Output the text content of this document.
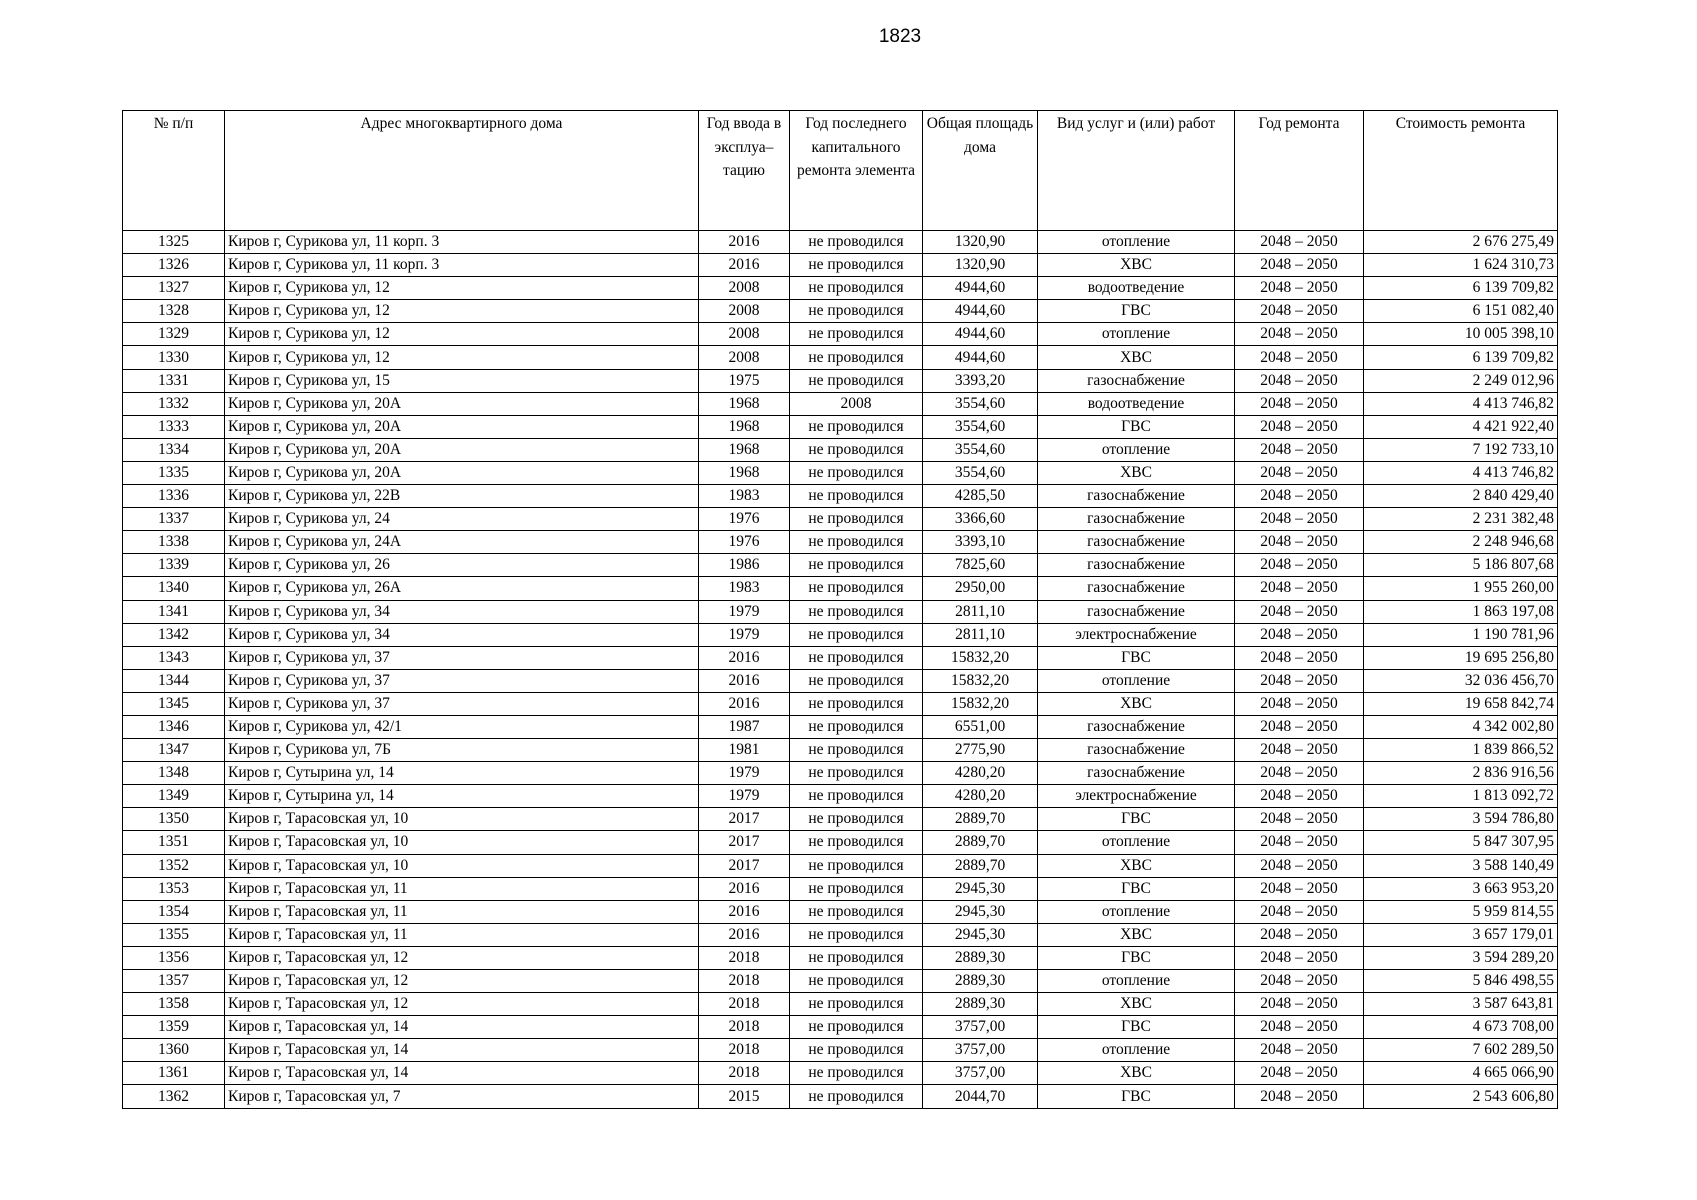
1823
№ п/п	Адрес многоквартирного дома	Год ввода в эксплуа–тацию	Год последнего капитального ремонта элемента	Общая площадь дома	Вид услуг и (или) работ	Год ремонта	Стоимость ремонта
1325	Киров г, Сурикова ул, 11 корп. 3	2016	не проводился	1320,90	отопление	2048 – 2050	2 676 275,49
1326	Киров г, Сурикова ул, 11 корп. 3	2016	не проводился	1320,90	ХВС	2048 – 2050	1 624 310,73
1327	Киров г, Сурикова ул, 12	2008	не проводился	4944,60	водоотведение	2048 – 2050	6 139 709,82
1328	Киров г, Сурикова ул, 12	2008	не проводился	4944,60	ГВС	2048 – 2050	6 151 082,40
1329	Киров г, Сурикова ул, 12	2008	не проводился	4944,60	отопление	2048 – 2050	10 005 398,10
1330	Киров г, Сурикова ул, 12	2008	не проводился	4944,60	ХВС	2048 – 2050	6 139 709,82
1331	Киров г, Сурикова ул, 15	1975	не проводился	3393,20	газоснабжение	2048 – 2050	2 249 012,96
1332	Киров г, Сурикова ул, 20А	1968	2008	3554,60	водоотведение	2048 – 2050	4 413 746,82
1333	Киров г, Сурикова ул, 20А	1968	не проводился	3554,60	ГВС	2048 – 2050	4 421 922,40
1334	Киров г, Сурикова ул, 20А	1968	не проводился	3554,60	отопление	2048 – 2050	7 192 733,10
1335	Киров г, Сурикова ул, 20А	1968	не проводился	3554,60	ХВС	2048 – 2050	4 413 746,82
1336	Киров г, Сурикова ул, 22В	1983	не проводился	4285,50	газоснабжение	2048 – 2050	2 840 429,40
1337	Киров г, Сурикова ул, 24	1976	не проводился	3366,60	газоснабжение	2048 – 2050	2 231 382,48
1338	Киров г, Сурикова ул, 24А	1976	не проводился	3393,10	газоснабжение	2048 – 2050	2 248 946,68
1339	Киров г, Сурикова ул, 26	1986	не проводился	7825,60	газоснабжение	2048 – 2050	5 186 807,68
1340	Киров г, Сурикова ул, 26А	1983	не проводился	2950,00	газоснабжение	2048 – 2050	1 955 260,00
1341	Киров г, Сурикова ул, 34	1979	не проводился	2811,10	газоснабжение	2048 – 2050	1 863 197,08
1342	Киров г, Сурикова ул, 34	1979	не проводился	2811,10	электроснабжение	2048 – 2050	1 190 781,96
1343	Киров г, Сурикова ул, 37	2016	не проводился	15832,20	ГВС	2048 – 2050	19 695 256,80
1344	Киров г, Сурикова ул, 37	2016	не проводился	15832,20	отопление	2048 – 2050	32 036 456,70
1345	Киров г, Сурикова ул, 37	2016	не проводился	15832,20	ХВС	2048 – 2050	19 658 842,74
1346	Киров г, Сурикова ул, 42/1	1987	не проводился	6551,00	газоснабжение	2048 – 2050	4 342 002,80
1347	Киров г, Сурикова ул, 7Б	1981	не проводился	2775,90	газоснабжение	2048 – 2050	1 839 866,52
1348	Киров г, Сутырина ул, 14	1979	не проводился	4280,20	газоснабжение	2048 – 2050	2 836 916,56
1349	Киров г, Сутырина ул, 14	1979	не проводился	4280,20	электроснабжение	2048 – 2050	1 813 092,72
1350	Киров г, Тарасовская ул, 10	2017	не проводился	2889,70	ГВС	2048 – 2050	3 594 786,80
1351	Киров г, Тарасовская ул, 10	2017	не проводился	2889,70	отопление	2048 – 2050	5 847 307,95
1352	Киров г, Тарасовская ул, 10	2017	не проводился	2889,70	ХВС	2048 – 2050	3 588 140,49
1353	Киров г, Тарасовская ул, 11	2016	не проводился	2945,30	ГВС	2048 – 2050	3 663 953,20
1354	Киров г, Тарасовская ул, 11	2016	не проводился	2945,30	отопление	2048 – 2050	5 959 814,55
1355	Киров г, Тарасовская ул, 11	2016	не проводился	2945,30	ХВС	2048 – 2050	3 657 179,01
1356	Киров г, Тарасовская ул, 12	2018	не проводился	2889,30	ГВС	2048 – 2050	3 594 289,20
1357	Киров г, Тарасовская ул, 12	2018	не проводился	2889,30	отопление	2048 – 2050	5 846 498,55
1358	Киров г, Тарасовская ул, 12	2018	не проводился	2889,30	ХВС	2048 – 2050	3 587 643,81
1359	Киров г, Тарасовская ул, 14	2018	не проводился	3757,00	ГВС	2048 – 2050	4 673 708,00
1360	Киров г, Тарасовская ул, 14	2018	не проводился	3757,00	отопление	2048 – 2050	7 602 289,50
1361	Киров г, Тарасовская ул, 14	2018	не проводился	3757,00	ХВС	2048 – 2050	4 665 066,90
1362	Киров г, Тарасовская ул, 7	2015	не проводился	2044,70	ГВС	2048 – 2050	2 543 606,80
